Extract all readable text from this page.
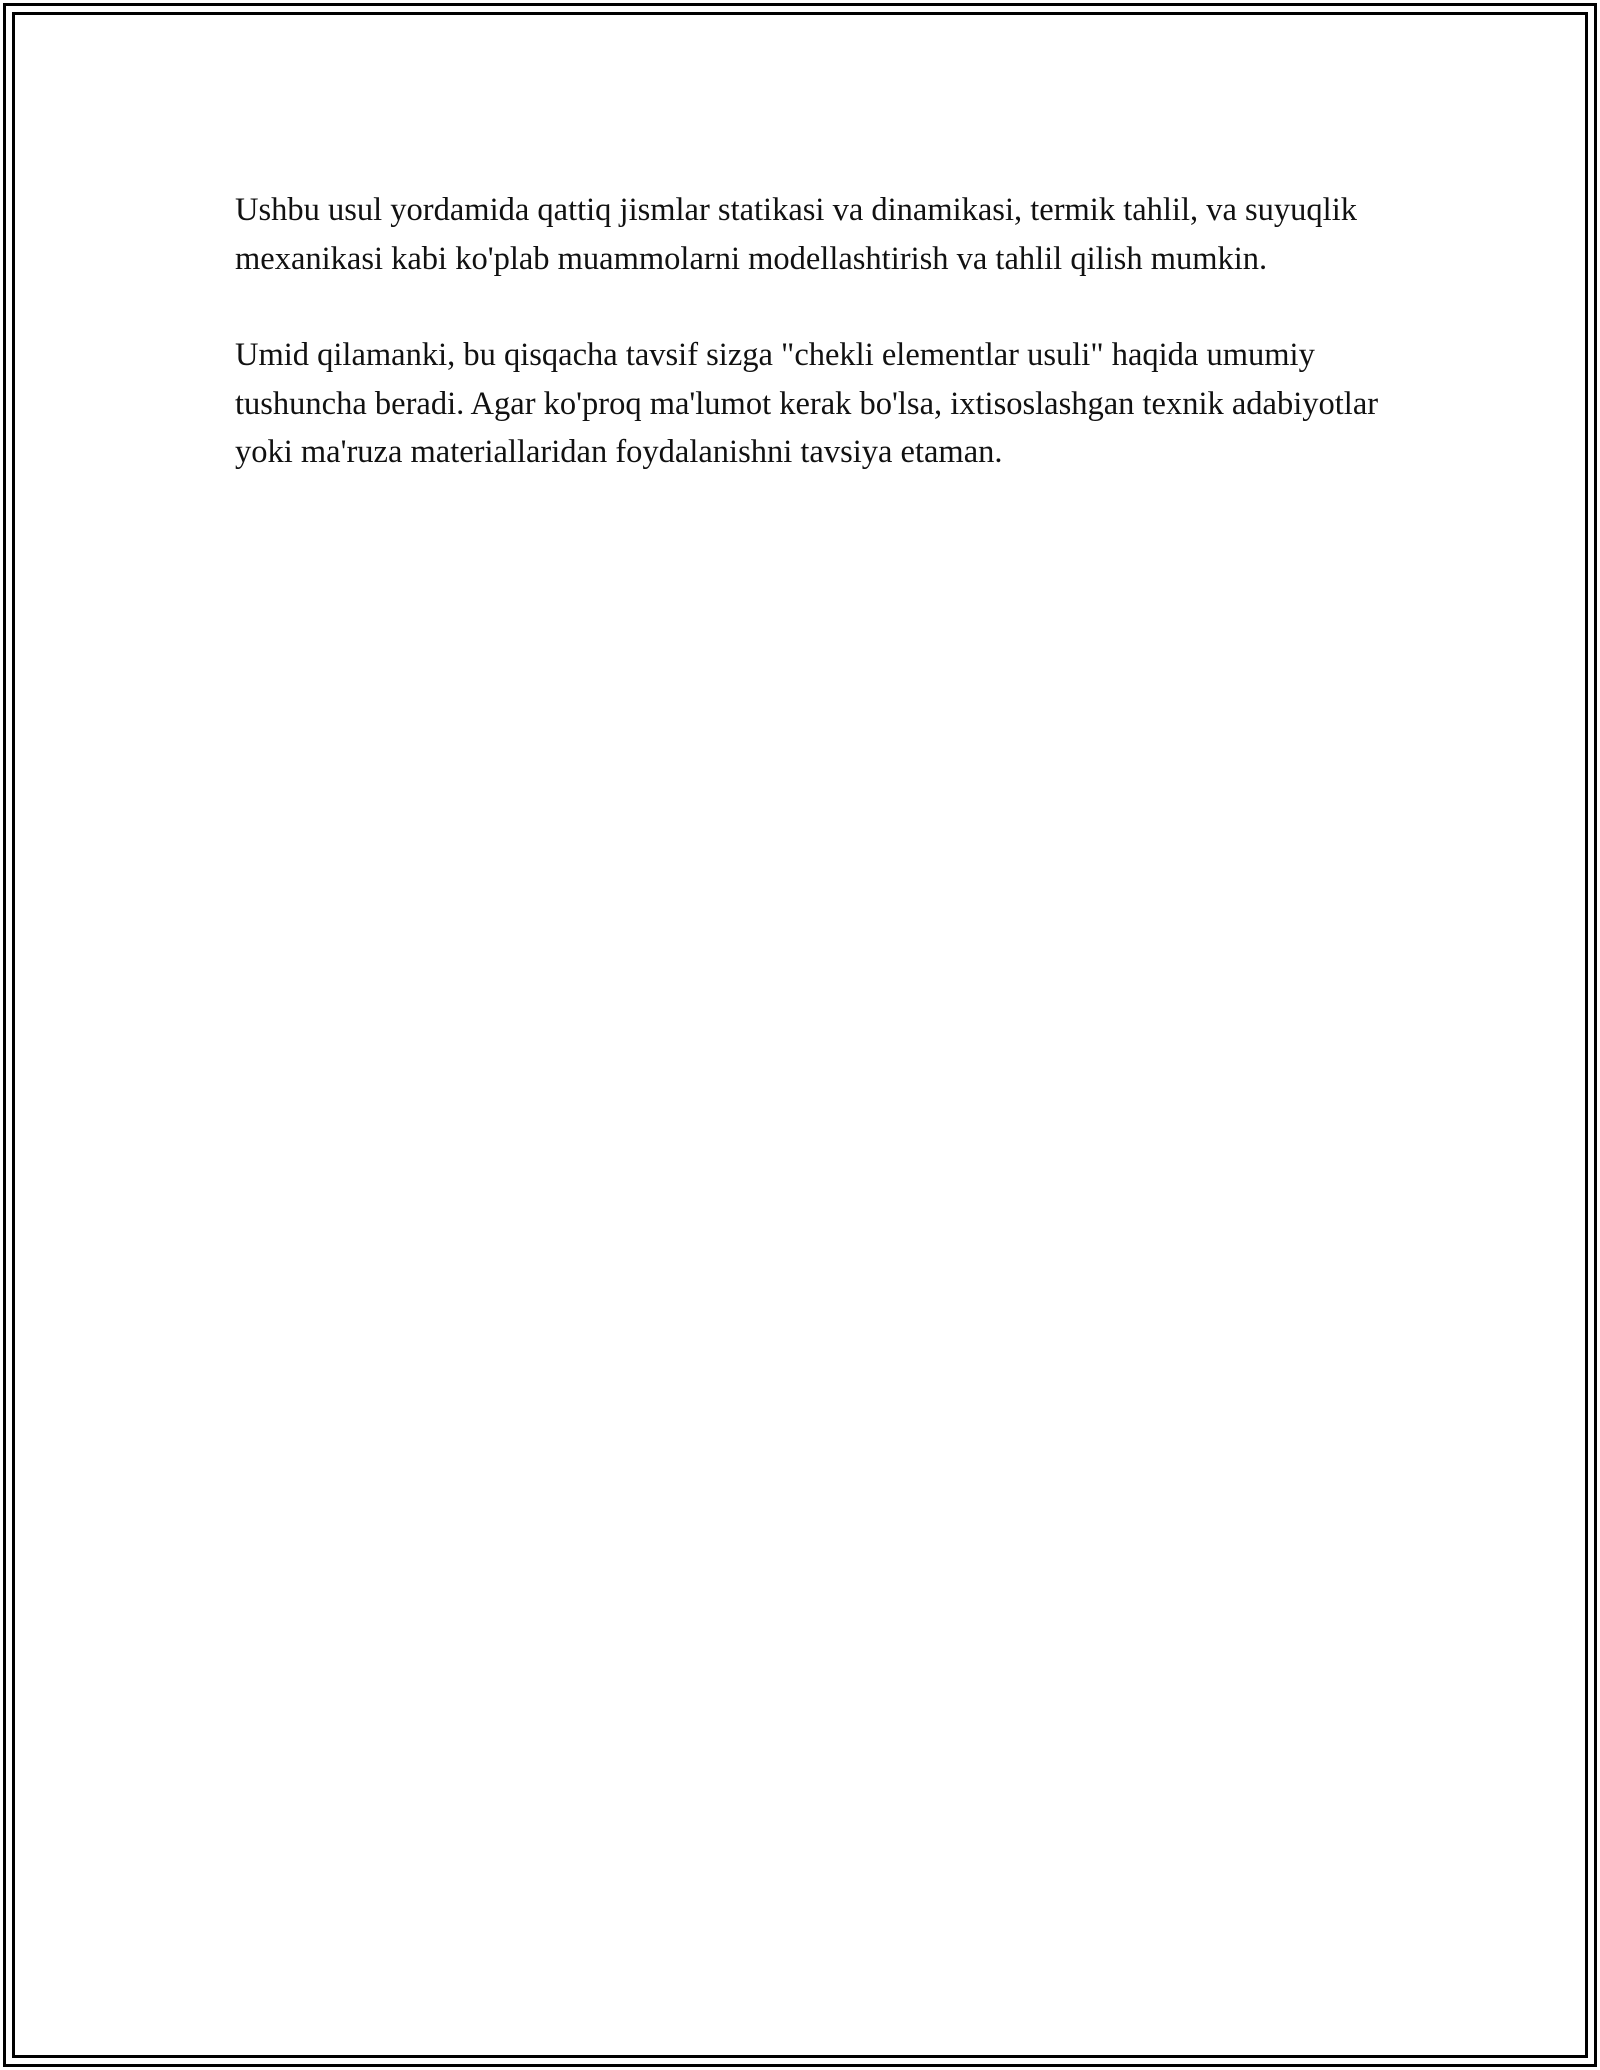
Ushbu usul yordamida qattiq jismlar statikasi va dinamikasi, termik tahlil, va suyuqlik mexanikasi kabi ko'plab muammolarni modellashtirish va tahlil qilish mumkin.

Umid qilamanki, bu qisqacha tavsif sizga "chekli elementlar usuli" haqida umumiy tushuncha beradi. Agar ko'proq ma'lumot kerak bo'lsa, ixtisoslashgan texnik adabiyotlar yoki ma'ruza materiallaridan foydalanishni tavsiya etaman.
